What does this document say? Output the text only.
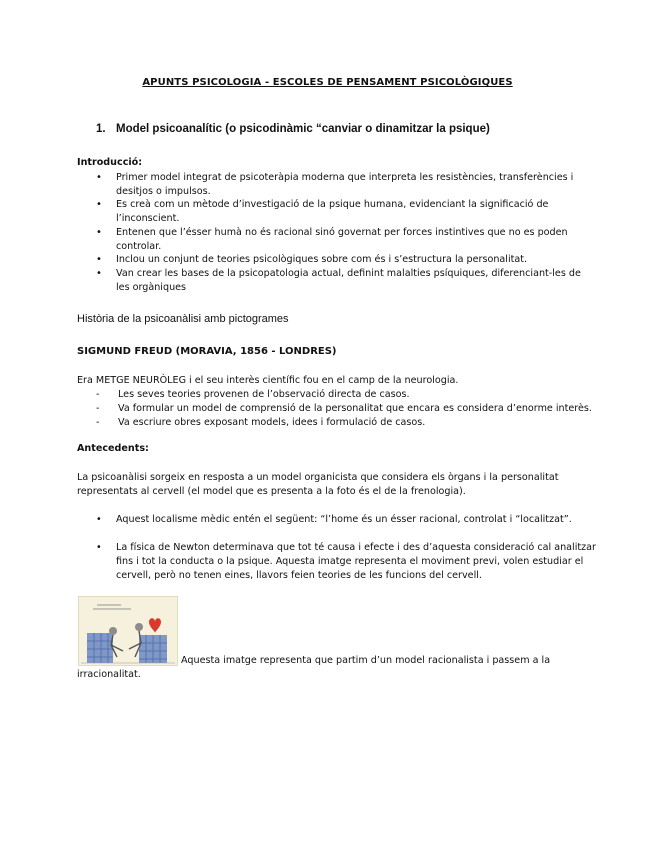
APUNTS PSICOLOGIA - ESCOLES DE PENSAMENT PSICOLÒGIQUES
1. Model psicoanalític (o psicodinàmic “canviar o dinamitzar la psique)
Introducció:
• Primer model integrat de psicoteràpia moderna que interpreta les resistències, transferències i desitjos o impulsos.
• Es creà com un mètode d’investigació de la psique humana, evidenciant la significació de l’inconscient.
• Entenen que l’ésser humà no és racional sinó governat per forces instintives que no es poden controlar.
• Inclou un conjunt de teories psicològiques sobre com és i s’estructura la personalitat.
• Van crear les bases de la psicopatologia actual, definint malalties psíquiques, diferenciant-les de les orgàniques
Història de la psicoanàlisi amb pictogrames
SIGMUND FREUD (MORAVIA, 1856 - LONDRES)
Era METGE NEURÒLEG i el seu interès científic fou en el camp de la neurologia.
- Les seves teories provenen de l’observació directa de casos.
- Va formular un model de comprensió de la personalitat que encara es considera d’enorme interès.
- Va escriure obres exposant models, idees i formulació de casos.
Antecedents:
La psicoanàlisi sorgeix en resposta a un model organicista que considera els òrgans i la personalitat representats al cervell (el model que es presenta a la foto és el de la frenologia).
• Aquest localisme mèdic entén el següent: “l’home és un ésser racional, controlat i “localitzat”.
• La física de Newton determinava que tot té causa i efecte i des d’aquesta consideració cal analitzar fins i tot la conducta o la psique. Aquesta imatge representa el moviment previ, volen estudiar el cervell, però no tenen eines, llavors feien teories de les funcions del cervell.
Aquesta imatge representa que partim d’un model racionalista i passem a la
irracionalitat.
